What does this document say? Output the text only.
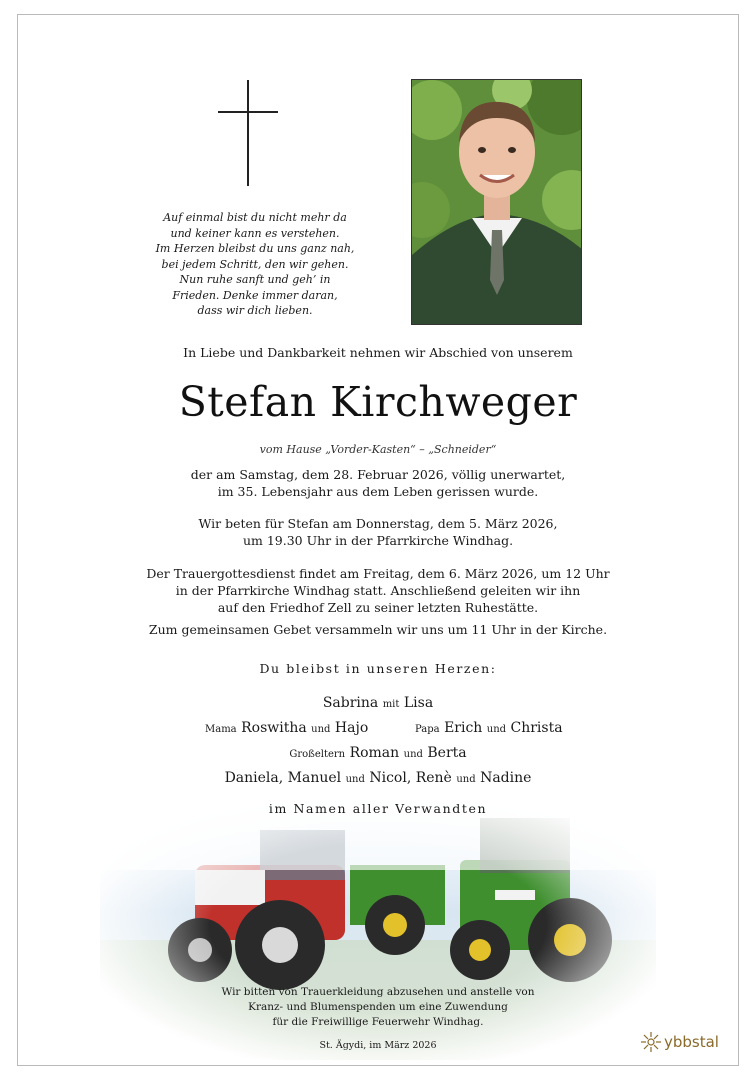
Auf einmal bist du nicht mehr da
und keiner kann es verstehen.
Im Herzen bleibst du uns ganz nah,
bei jedem Schritt, den wir gehen.
Nun ruhe sanft und geh’ in
Frieden. Denke immer daran,
dass wir dich lieben.
In Liebe und Dankbarkeit nehmen wir Abschied von unserem
Stefan Kirchweger
vom Hause „Vorder-Kasten“ – „Schneider“
der am Samstag, dem 28. Februar 2026, völlig unerwartet,
im 35. Lebensjahr aus dem Leben gerissen wurde.
Wir beten für Stefan am Donnerstag, dem 5. März 2026,
um 19.30 Uhr in der Pfarrkirche Windhag.
Der Trauergottesdienst findet am Freitag, dem 6. März 2026, um 12 Uhr
in der Pfarrkirche Windhag statt. Anschließend geleiten wir ihn
auf den Friedhof Zell zu seiner letzten Ruhestätte.
Zum gemeinsamen Gebet versammeln wir uns um 11 Uhr in der Kirche.
Du bleibst in unseren Herzen:
Sabrina mit Lisa
Mama Roswitha und Hajo	Papa Erich und Christa
Großeltern Roman und Berta
Daniela, Manuel und Nicol, Renè und Nadine
im Namen aller Verwandten
Wir bitten von Trauerkleidung abzusehen und anstelle von
Kranz- und Blumenspenden um eine Zuwendung
für die Freiwillige Feuerwehr Windhag.
St. Ägydi, im März 2026	ybbstal
